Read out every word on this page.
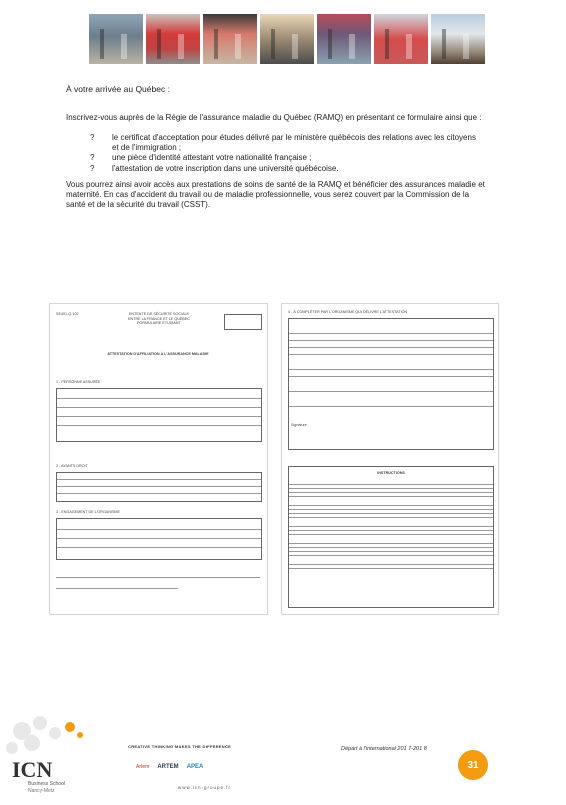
À votre arrivée au Québec :
Inscrivez-vous auprès de la Régie de l'assurance maladie du Québec (RAMQ) en présentant ce formulaire ainsi que :
?	le certificat d'acceptation pour études délivré par le ministère québécois des relations avec les citoyens et de l'immigration ;
?	une pièce d'identité attestant votre nationalité française ;
?	l'attestation de votre inscription dans une université québécoise.
Vous pourrez ainsi avoir accès aux prestations de soins de santé de la RAMQ et bénéficier des assurances maladie et maternité. En cas d'accident du travail ou de maladie professionnelle, vous serez couvert par la Commission de la santé et de la sécurité du travail (CSST).
SE401-Q-102	ENTENTE DE SÉCURITÉ SOCIALE
ENTRE LA FRANCE ET LE QUÉBEC
FORMULAIRE ÉTUDIANT
ATTESTATION D'AFFILIATION À L'ASSURANCE MALADIE
1 - PERSONNE ASSURÉE
2 - AYANTS DROIT
3 - ENGAGEMENT DE L'ORGANISME
4 - À COMPLÉTER PAR L'ORGANISME QUI DÉLIVRE L'ATTESTATION
Signature
INSTRUCTIONS
ICN
Business School
Nancy-Metz
CREATIVE THINKING MAKES THE DIFFERENCE
Artem ARTEM APEA
www.icn-groupe.fr
Départ à l'international 201 7-201 8
31
